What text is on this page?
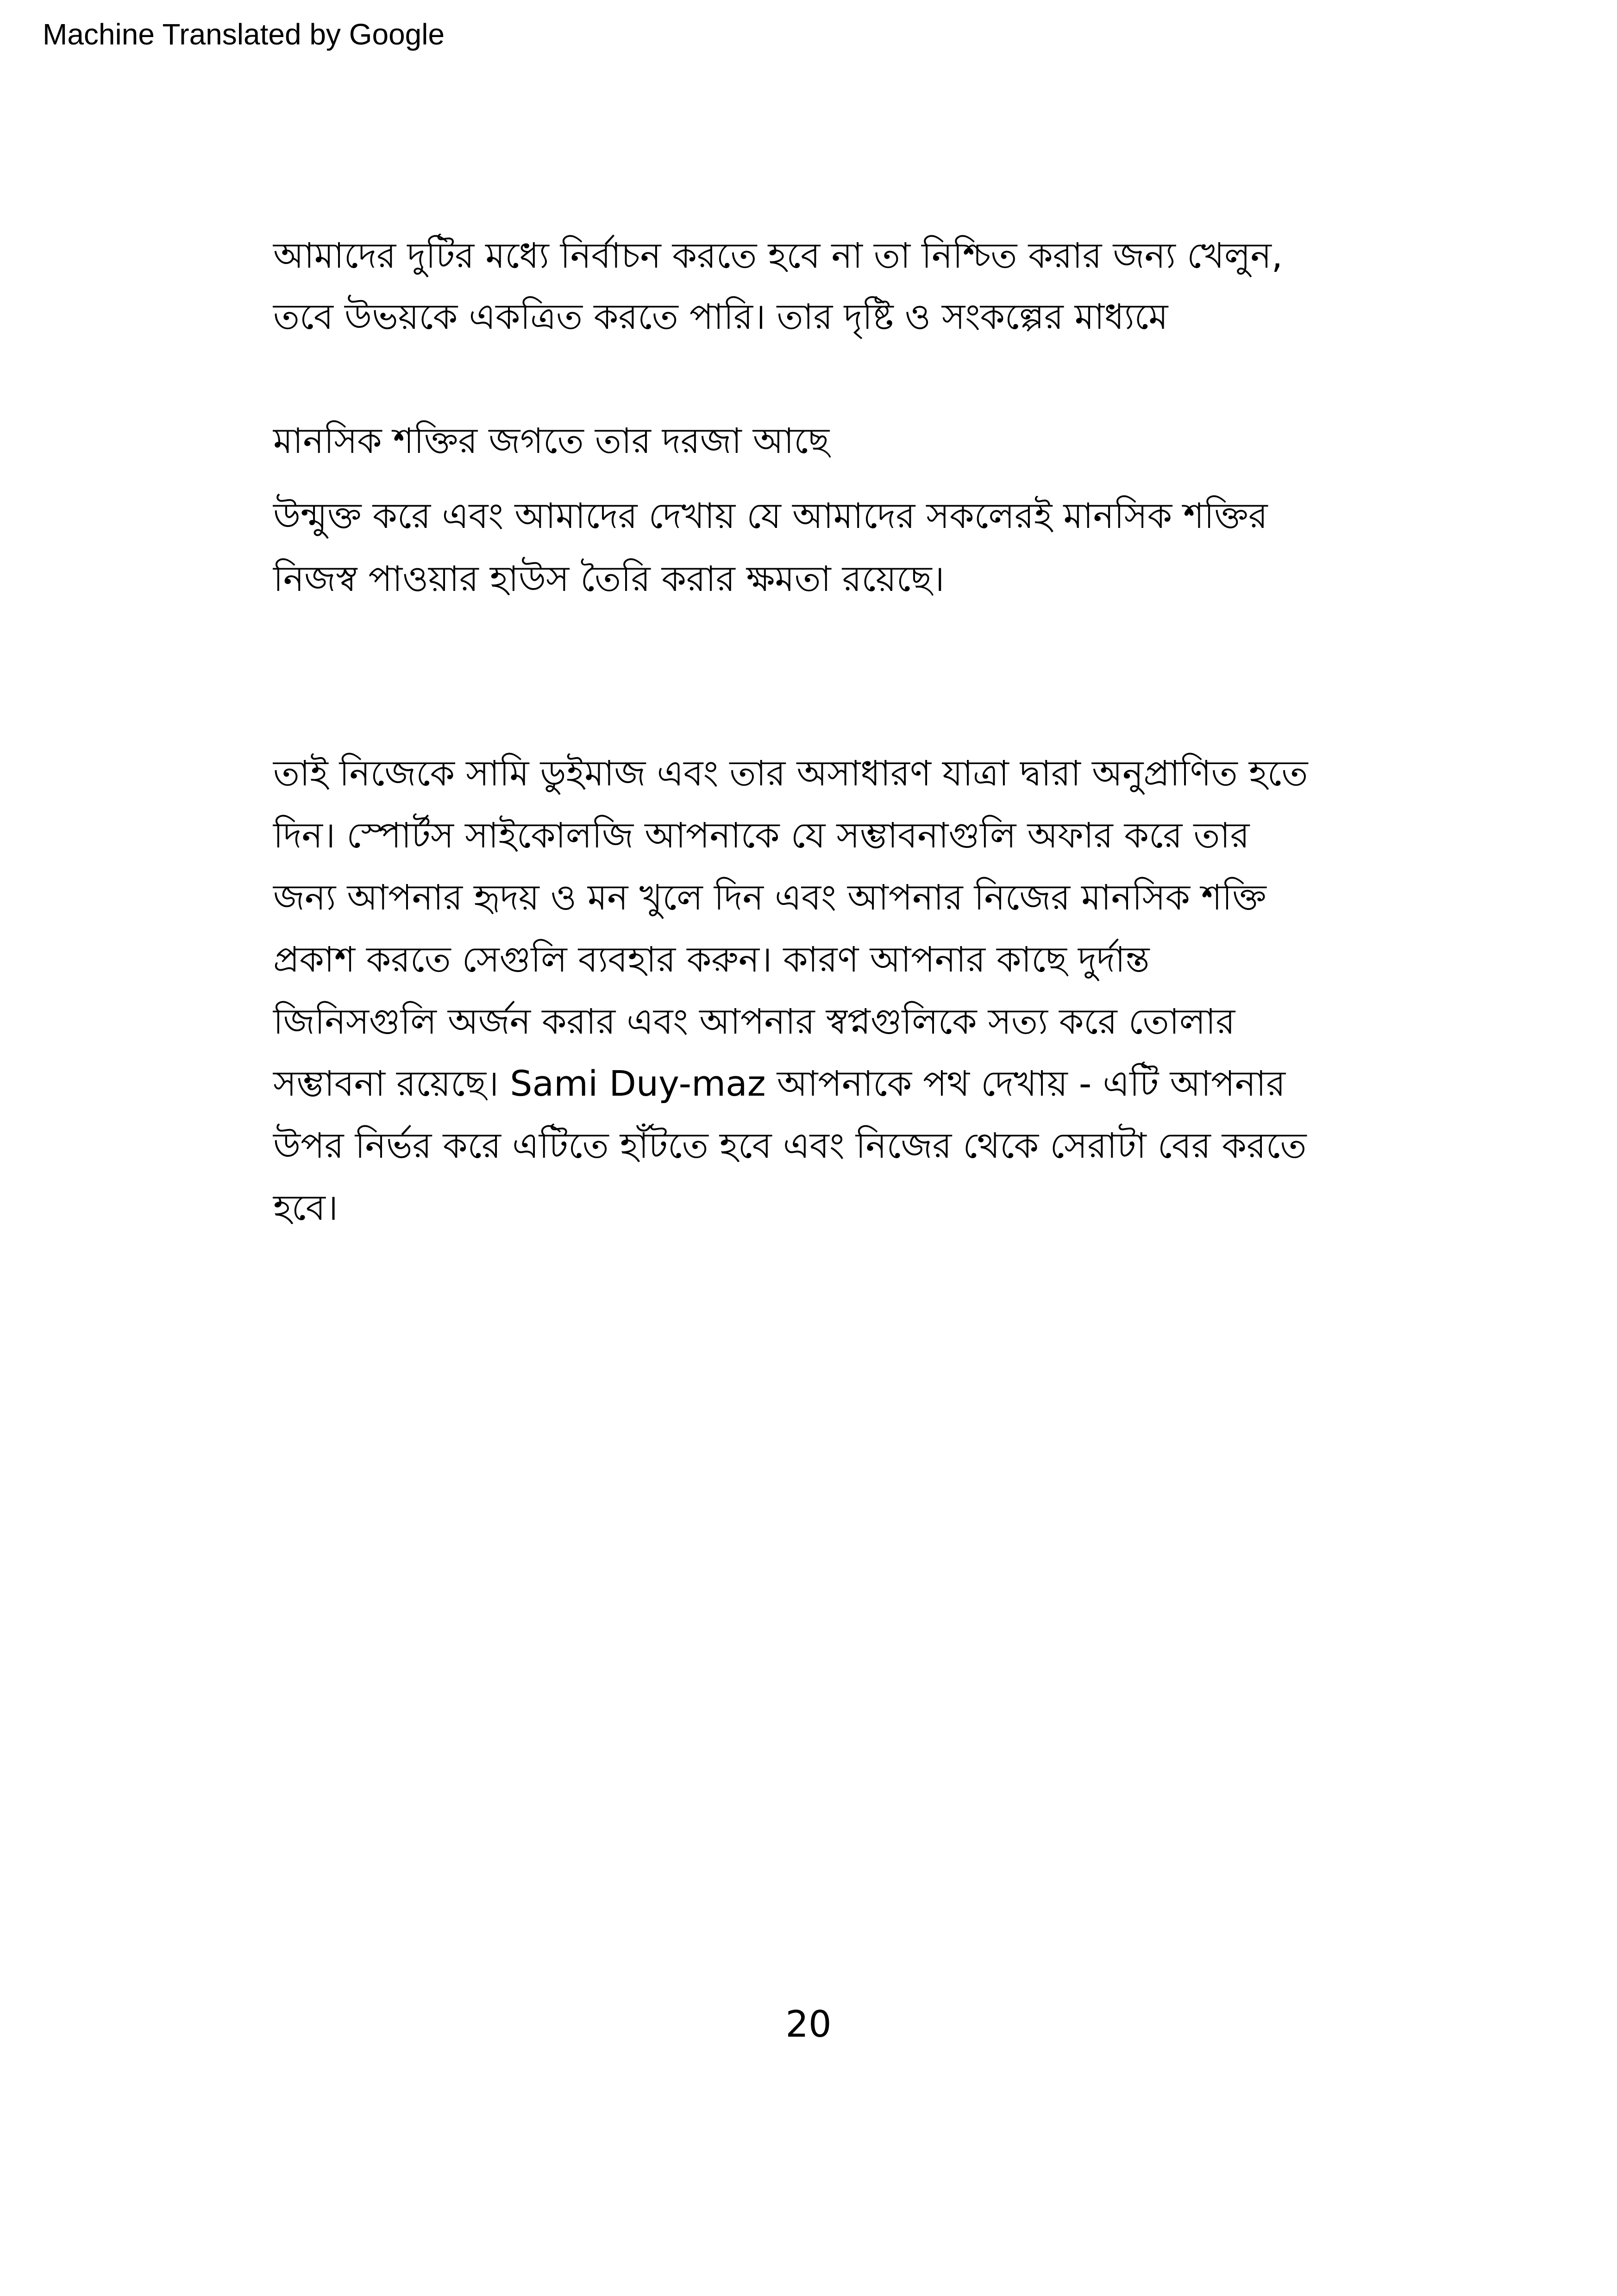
Machine Translated by Google
আমাদের দুটির মধ্যে নির্বাচন করতে হবে না তা নিশ্চিত করার জন্য খেলুন,
তবে উভয়কে একত্রিত করতে পারি। তার দৃষ্টি ও সংকল্পের মাধ্যমে
মানসিক শক্তির জগতে তার দরজা আছে
উন্মুক্ত করে এবং আমাদের দেখায় যে আমাদের সকলেরই মানসিক শক্তির
নিজস্ব পাওয়ার হাউস তৈরি করার ক্ষমতা রয়েছে।
তাই নিজেকে সামি ডুইমাজ এবং তার অসাধারণ যাত্রা দ্বারা অনুপ্রাণিত হতে
দিন। স্পোর্টস সাইকোলজি আপনাকে যে সম্ভাবনাগুলি অফার করে তার
জন্য আপনার হৃদয় ও মন খুলে দিন এবং আপনার নিজের মানসিক শক্তি
প্রকাশ করতে সেগুলি ব্যবহার করুন। কারণ আপনার কাছে দুর্দান্ত
জিনিসগুলি অর্জন করার এবং আপনার স্বপ্নগুলিকে সত্য করে তোলার
সম্ভাবনা রয়েছে। Sami Duy-maz আপনাকে পথ দেখায় - এটি আপনার
উপর নির্ভর করে এটিতে হাঁটতে হবে এবং নিজের থেকে সেরাটা বের করতে
হবে।
20
